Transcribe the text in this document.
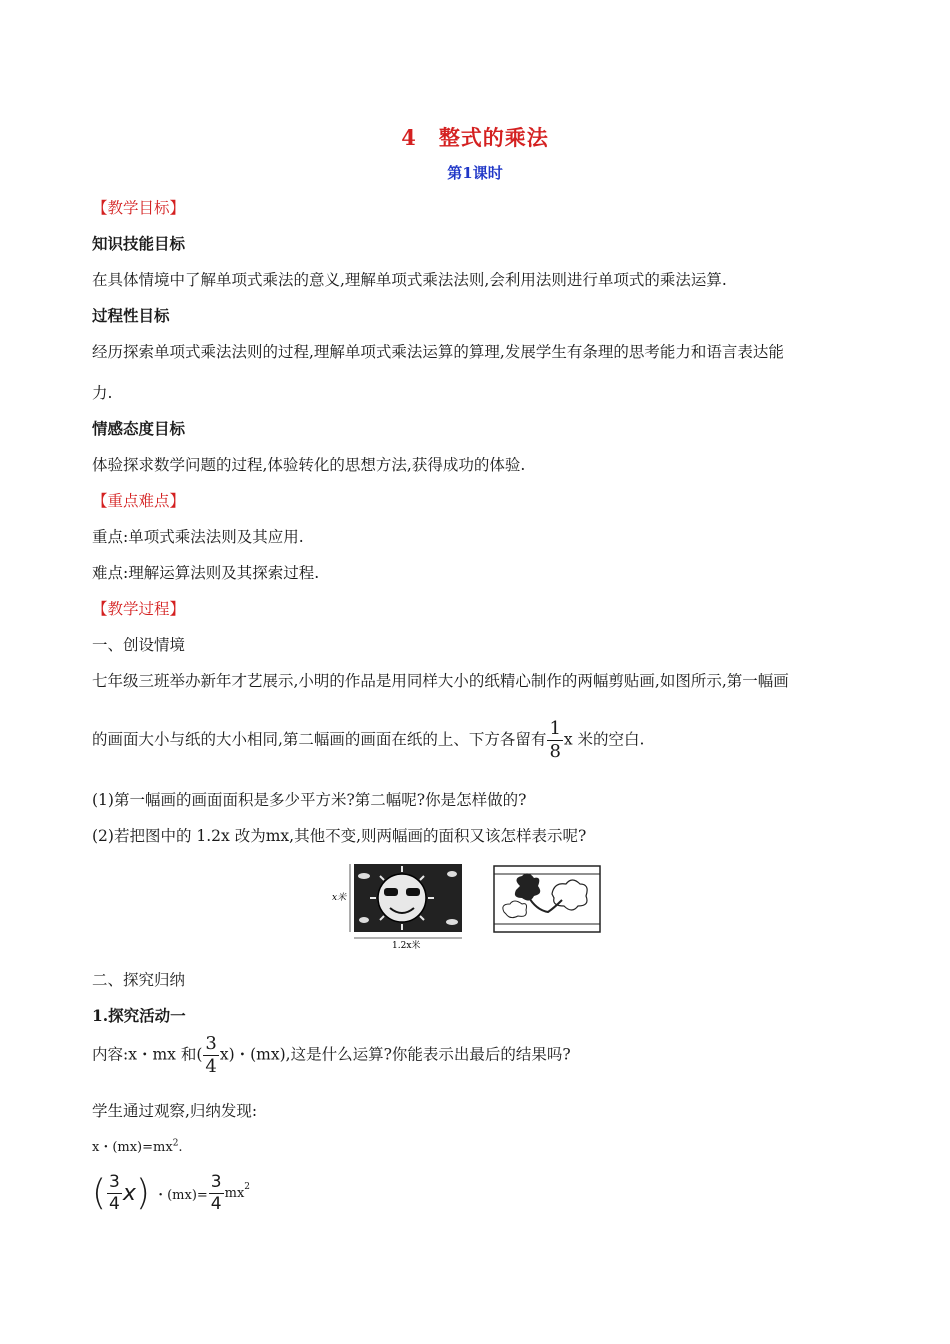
4 整式的乘法
第1课时
【教学目标】
知识技能目标
在具体情境中了解单项式乘法的意义,理解单项式乘法法则,会利用法则进行单项式的乘法运算.
过程性目标
经历探索单项式乘法法则的过程,理解单项式乘法运算的算理,发展学生有条理的思考能力和语言表达能
力.
情感态度目标
体验探求数学问题的过程,体验转化的思想方法,获得成功的体验.
【重点难点】
重点:单项式乘法法则及其应用.
难点:理解运算法则及其探索过程.
【教学过程】
一、创设情境
七年级三班举办新年才艺展示,小明的作品是用同样大小的纸精心制作的两幅剪贴画,如图所示,第一幅画
的画面大小与纸的大小相同,第二幅画的画面在纸的上、下方各留有 $\frac{1}{8}$ x 米的空白.
(1)第一幅画的画面面积是多少平方米?第二幅呢?你是怎样做的?
(2)若把图中的 1.2x 改为mx,其他不变,则两幅画的面积又该怎样表示呢?
x米
1.2x米
二、探究归纳
1.探究活动一
内容:x・mx 和( $\frac{3}{4} x$)・(mx),这是什么运算?你能表示出最后的结果吗?
学生通过观察,归纳发现:
x・$(mx)=mx^2$.
( $\frac{3}{4} x$) ・$(mx)= \frac{3}{4} mx^2$
